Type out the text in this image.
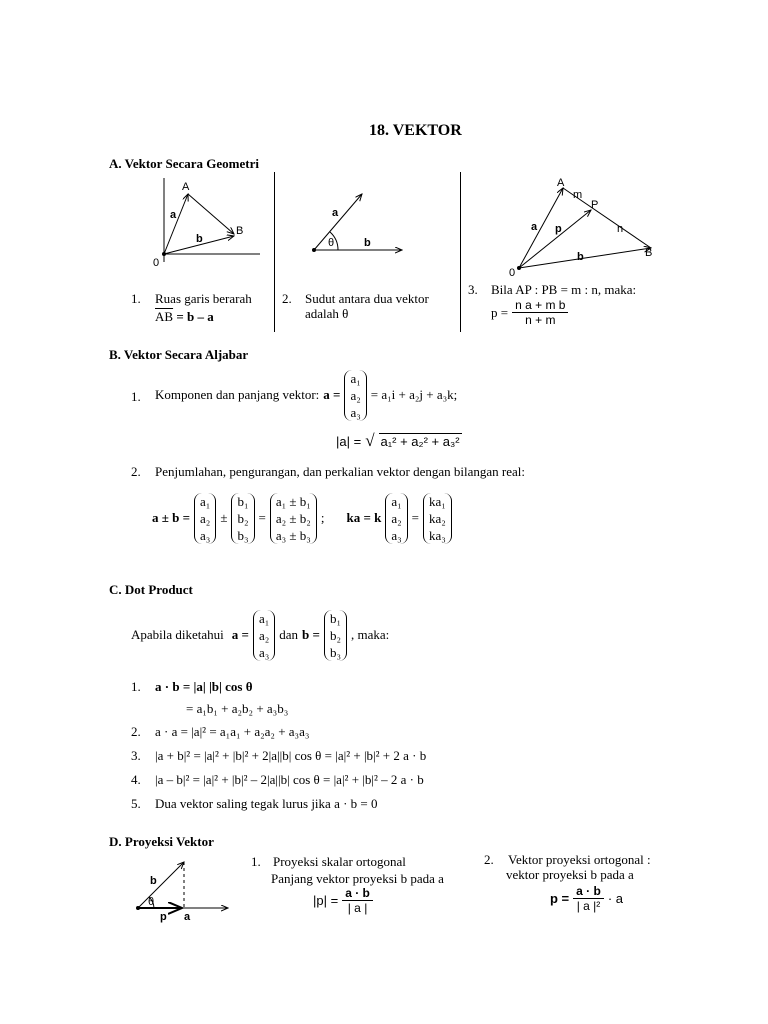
18. VEKTOR
A. Vektor Secara Geometri
A
B
0
a
b
1. Ruas garis berarah
$\overline{AB} = b - a$
a
θ	b
2. Sudut antara dua vektor
adalah θ
A
B
0
P
m
n
a p
b
3. Bila AP : PB = m : n, maka:
$p = \frac{\text{n a + m b}}{n + m}$
B. Vektor Secara Aljabar
1. Komponen dan panjang vektor: a =
a₁
a₂
a₃
= a₁i + a₂j + a₃k;
|a| = √ a₁² + a₂² + a₃²
2. Penjumlahan, pengurangan, dan perkalian vektor dengan bilangan real:
a ± b =
a₁
a₂
a₃
±
b₁
b₂
b₃
=
a₁ ± b₁
a₂ ± b₂
a₃ ± b₃
; ka = k
a₁
a₂
a₃
=
ka₁
ka₂
ka₃
C. Dot Product
Apabila diketahui a =
a₁
a₂
a₃
dan b =
b₁
b₂
b₃
, maka:
1. a · b = |a| |b| cos θ
= a₁b₁ + a₂b₂ + a₃b₃
2. a · a = |a|² = a₁a₁ + a₂a₂ + a₃a₃
3. |a + b|² = |a|² + |b|² + 2|a||b| cos θ = |a|² + |b|² + 2 a · b
4. |a – b|² = |a|² + |b|² – 2|a||b| cos θ = |a|² + |b|² – 2 a · b
5. Dua vektor saling tegak lurus jika a · b = 0
D. Proyeksi Vektor
b
θ
p a
1. Proyeksi skalar ortogonal
Panjang vektor proyeksi b pada a
$|p| = \frac{a \cdot b}{| a |}$
2. Vektor proyeksi ortogonal :
vektor proyeksi b pada a
$p = \frac{a \cdot b}{\text{| a |²}} \cdot a$
